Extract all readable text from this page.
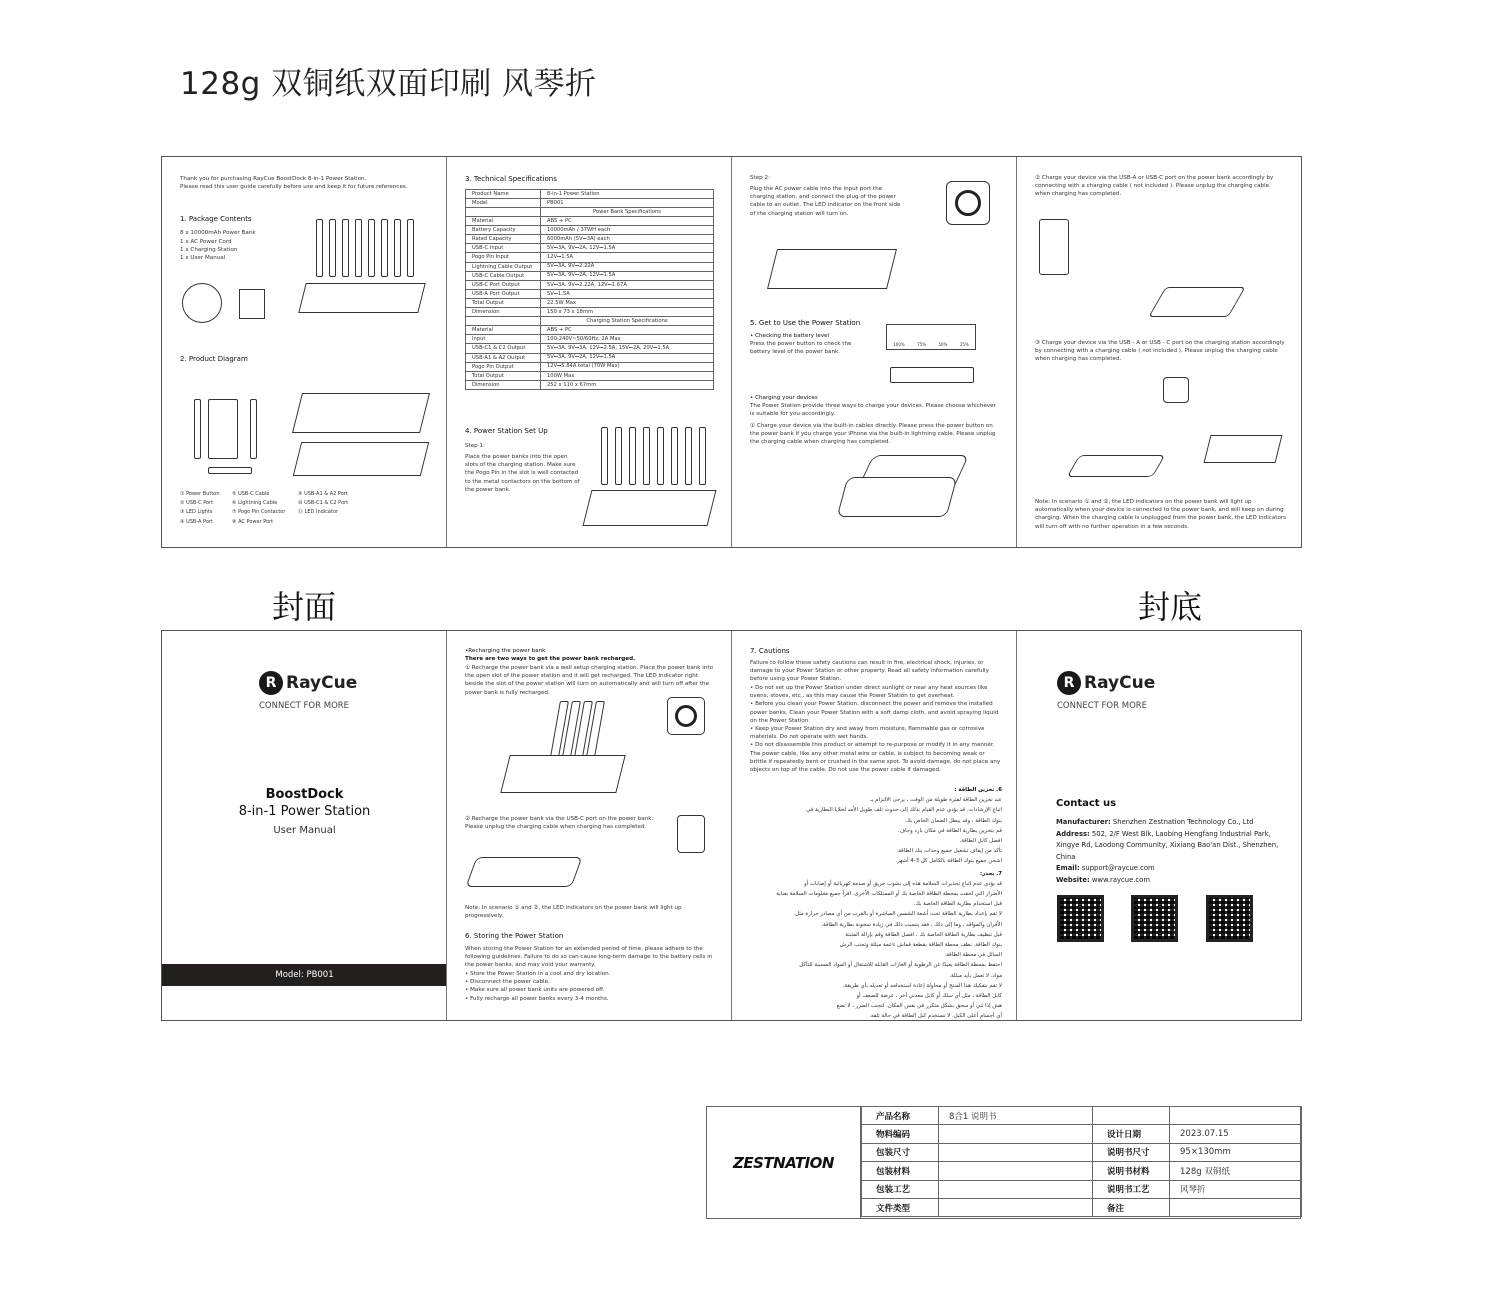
128g 双铜纸双面印刷 风琴折
Thank you for purchasing RayCue BoostDock 8-in-1 Power Station.
Please read this user guide carefully before use and keep it for future references.
1. Package Contents
8 x 10000mAh Power Bank
1 x AC Power Cord
1 x Charging Station
1 x User Manual
2. Product Diagram
① Power Button	⑤ USB-C Cable	⑨ USB-A1 & A2 Port
② USB-C Port	⑥ Lightning Cable	⑩ USB-C1 & C2 Port
③ LED Lights	⑦ Pogo Pin Contactor	⑪ LED Indicator
④ USB-A Port	⑧ AC Power Port
3. Technical Specifications
Product Name	8-in-1 Power Station
Model	PB001
	Power Bank Specifications
Material	ABS + PC
Battery Capacity	10000mAh / 37WH each
Rated Capacity	6000mAh (5V⎓3A) each
USB-C Input	5V⎓3A, 9V⎓2A, 12V⎓1.5A
Pogo Pin Input	12V⎓1.5A
Lightning Cable Output	5V⎓3A, 9V⎓2.22A
USB-C Cable Output	5V⎓3A, 9V⎓2A, 12V⎓1.5A
USB-C Port Output	5V⎓3A, 9V⎓2.22A, 12V⎓1.67A
USB-A Port Output	5V⎓1.5A
Total Output	22.5W Max
Dimension	150 x 73 x 18mm
	Charging Station Specifications
Material	ABS + PC
Input	100-240V~50/60Hz, 2A Max
USB-C1 & C2 Output	5V⎓3A, 9V⎓3A, 12V⎓2.5A, 15V⎓2A, 20V⎓1.5A
USB-A1 & A2 Output	5V⎓3A, 9V⎓2A, 12V⎓1.5A
Pogo Pin Output	12V⎓5.84A total (70W Max)
Total Output	100W Max
Dimension	252 x 110 x 67mm
4. Power Station Set Up
Step 1:
Place the power banks into the open slots of the charging station. Make sure the Pogo Pin in the slot is well contacted to the metal contactors on the bottom of the power bank.
Step 2:
Plug the AC power cable into the input port the charging station, and connect the plug of the power cable to an outlet. The LED indicator on the front side of the charging station will turn on.
5. Get to Use the Power Station
• Checking the battery level
Press the power button to check the battery level of the power bank.
100%	75%	50%	25%
• Charging your devices
The Power Station provide three ways to charge your devices. Please choose whichever is suitable for you accordingly.
① Charge your device via the built-in cables directly. Please press the power button on the power bank if you charge your iPhone via the built-in lightning cable. Please unplug the charging cable when charging has completed.
② Charge your device via the USB-A or USB-C port on the power bank accordingly by connecting with a charging cable ( not included ). Please unplug the charging cable when charging has completed.
③ Charge your device via the USB - A or USB - C port on the charging station accordingly by connecting with a charging cable ( not included ). Please unplug the charging cable when charging has completed.
Note: In scenario ① and ②, the LED indicators on the power bank will light up automatically when your device is connected to the power bank, and will keep on during charging. When the charging cable is unplugged from the power bank, the LED indicators will turn off with no further operation in a few seconds.
封面	封底
R RayCue
CONNECT FOR MORE
BoostDock
8-in-1 Power Station
User Manual
Model: PB001
•Recharging the power bank
There are two ways to get the power bank recharged.
① Recharge the power bank via a well setup charging station. Place the power bank into the open slot of the power station and it will get recharged. The LED indicator right beside the slot of the power station will turn on automatically and will turn off after the power bank is fully recharged.
② Recharge the power bank via the USB-C port on the power bank. Please unplug the charging cable when charging has completed.
Note: In scenario ① and ②, the LED indicators on the power bank will light up progressively.
6. Storing the Power Station
When storing the Power Station for an extended period of time, please adhere to the following guidelines. Failure to do so can cause long-term damage to the battery cells in the power banks, and may void your warranty.
• Store the Power Station in a cool and dry location.
• Disconnect the power cable.
• Make sure all power bank units are powered off.
• Fully recharge all power banks every 3-4 months.
7. Cautions
Failure to follow these safety cautions can result in fire, electrical shock, injuries, or damage to your Power Station or other property. Read all safety information carefully before using your Power Station.
• Do not set up the Power Station under direct sunlight or near any heat sources like ovens, stoves, etc., as this may cause the Power Station to get overheat.
• Before you clean your Power Station, disconnect the power and remove the installed power banks. Clean your Power Station with a soft damp cloth, and avoid spraying liquid on the Power Station.
• Keep your Power Station dry and away from moisture, flammable gas or corrosive materials. Do not operate with wet hands.
• Do not disassemble this product or attempt to re-purpose or modify it in any manner. The power cable, like any other metal wire or cable, is subject to becoming weak or brittle if repeatedly bent or crushed in the same spot. To avoid damage, do not place any objects on top of the cable. Do not use the power cable if damaged.
6. تخزين الطاقة :
عند تخزين الطاقة لفترة طويلة من الوقت ، يرجى الالتزام بـ
اتباع الإرشادات. قد يؤدي عدم القيام بذلك إلى حدوث تلف طويل الأمد لخلايا البطارية في
بنوك الطاقة ، وقد يبطل الضمان الخاص بك.
قم بتخزين بطارية الطاقة في مكان بارد وجاف.
افصل كابل الطاقة.
تأكد من إيقاف تشغيل جميع وحدات بنك الطاقة.
اشحن جميع بنوك الطاقة بالكامل كل 3-4 أشهر.
7. يحذر:
قد يؤدي عدم اتباع تحذيرات السلامة هذه إلى نشوب حريق أو صدمة كهربائية أو إصابات أو
الأضرار التي لحقت بمحطة الطاقة الخاصة بك أو الممتلكات الأخرى. اقرأ جميع معلومات السلامة بعناية
قبل استخدام بطارية الطاقة الخاصة بك.
لا تقم بإعداد بطارية الطاقة تحت أشعة الشمس المباشرة أو بالقرب من أي مصادر حرارة مثل
الأفران والمواقد ، وما إلى ذلك ، فقد يتسبب ذلك في زيادة سخونة بطارية الطاقة.
قبل تنظيف بطارية الطاقة الخاصة بك ، افصل الطاقة وقم بإزالة المثبتة
بنوك الطاقة. نظف محطة الطاقة بقطعة قماش ناعمة مبللة وتجنب الرش
السائل في محطة الطاقة.
احتفظ بمحطة الطاقة بعيدًا عن الرطوبة أو الغازات القابلة للاشتعال أو المواد المسببة للتآكل
مواد. لا تعمل بأيد مبللة.
لا تقم بتفكيك هذا المنتج أو محاولة إعادة استخدامه أو تعديله بأي طريقة.
كابل الطاقة ، مثل أي سلك أو كابل معدني آخر ، عرضة للضعف أو
هش إذا ثني أو سحق بشكل متكرر في نفس المكان. لتجنب الضرر ، لا تضع
أي أجسام أعلى الكبل. لا تستخدم كبل الطاقة في حالة تلفه.
R RayCue
CONNECT FOR MORE
Contact us
Manufacturer: Shenzhen Zestnation Technology Co., Ltd
Address: 502, 2/F West Blk, Laobing Hengfang Industrial Park, Xingye Rd, Laodong Community, Xixiang Bao'an Dist., Shenzhen, China
Email: support@raycue.com
Website: www.raycue.com
ZESTNATION
产品名称	8合1 说明书		
物料编码		设计日期	2023.07.15
包装尺寸		说明书尺寸	95×130mm
包装材料		说明书材料	128g 双铜纸
包装工艺		说明书工艺	风琴折
文件类型		备注	
